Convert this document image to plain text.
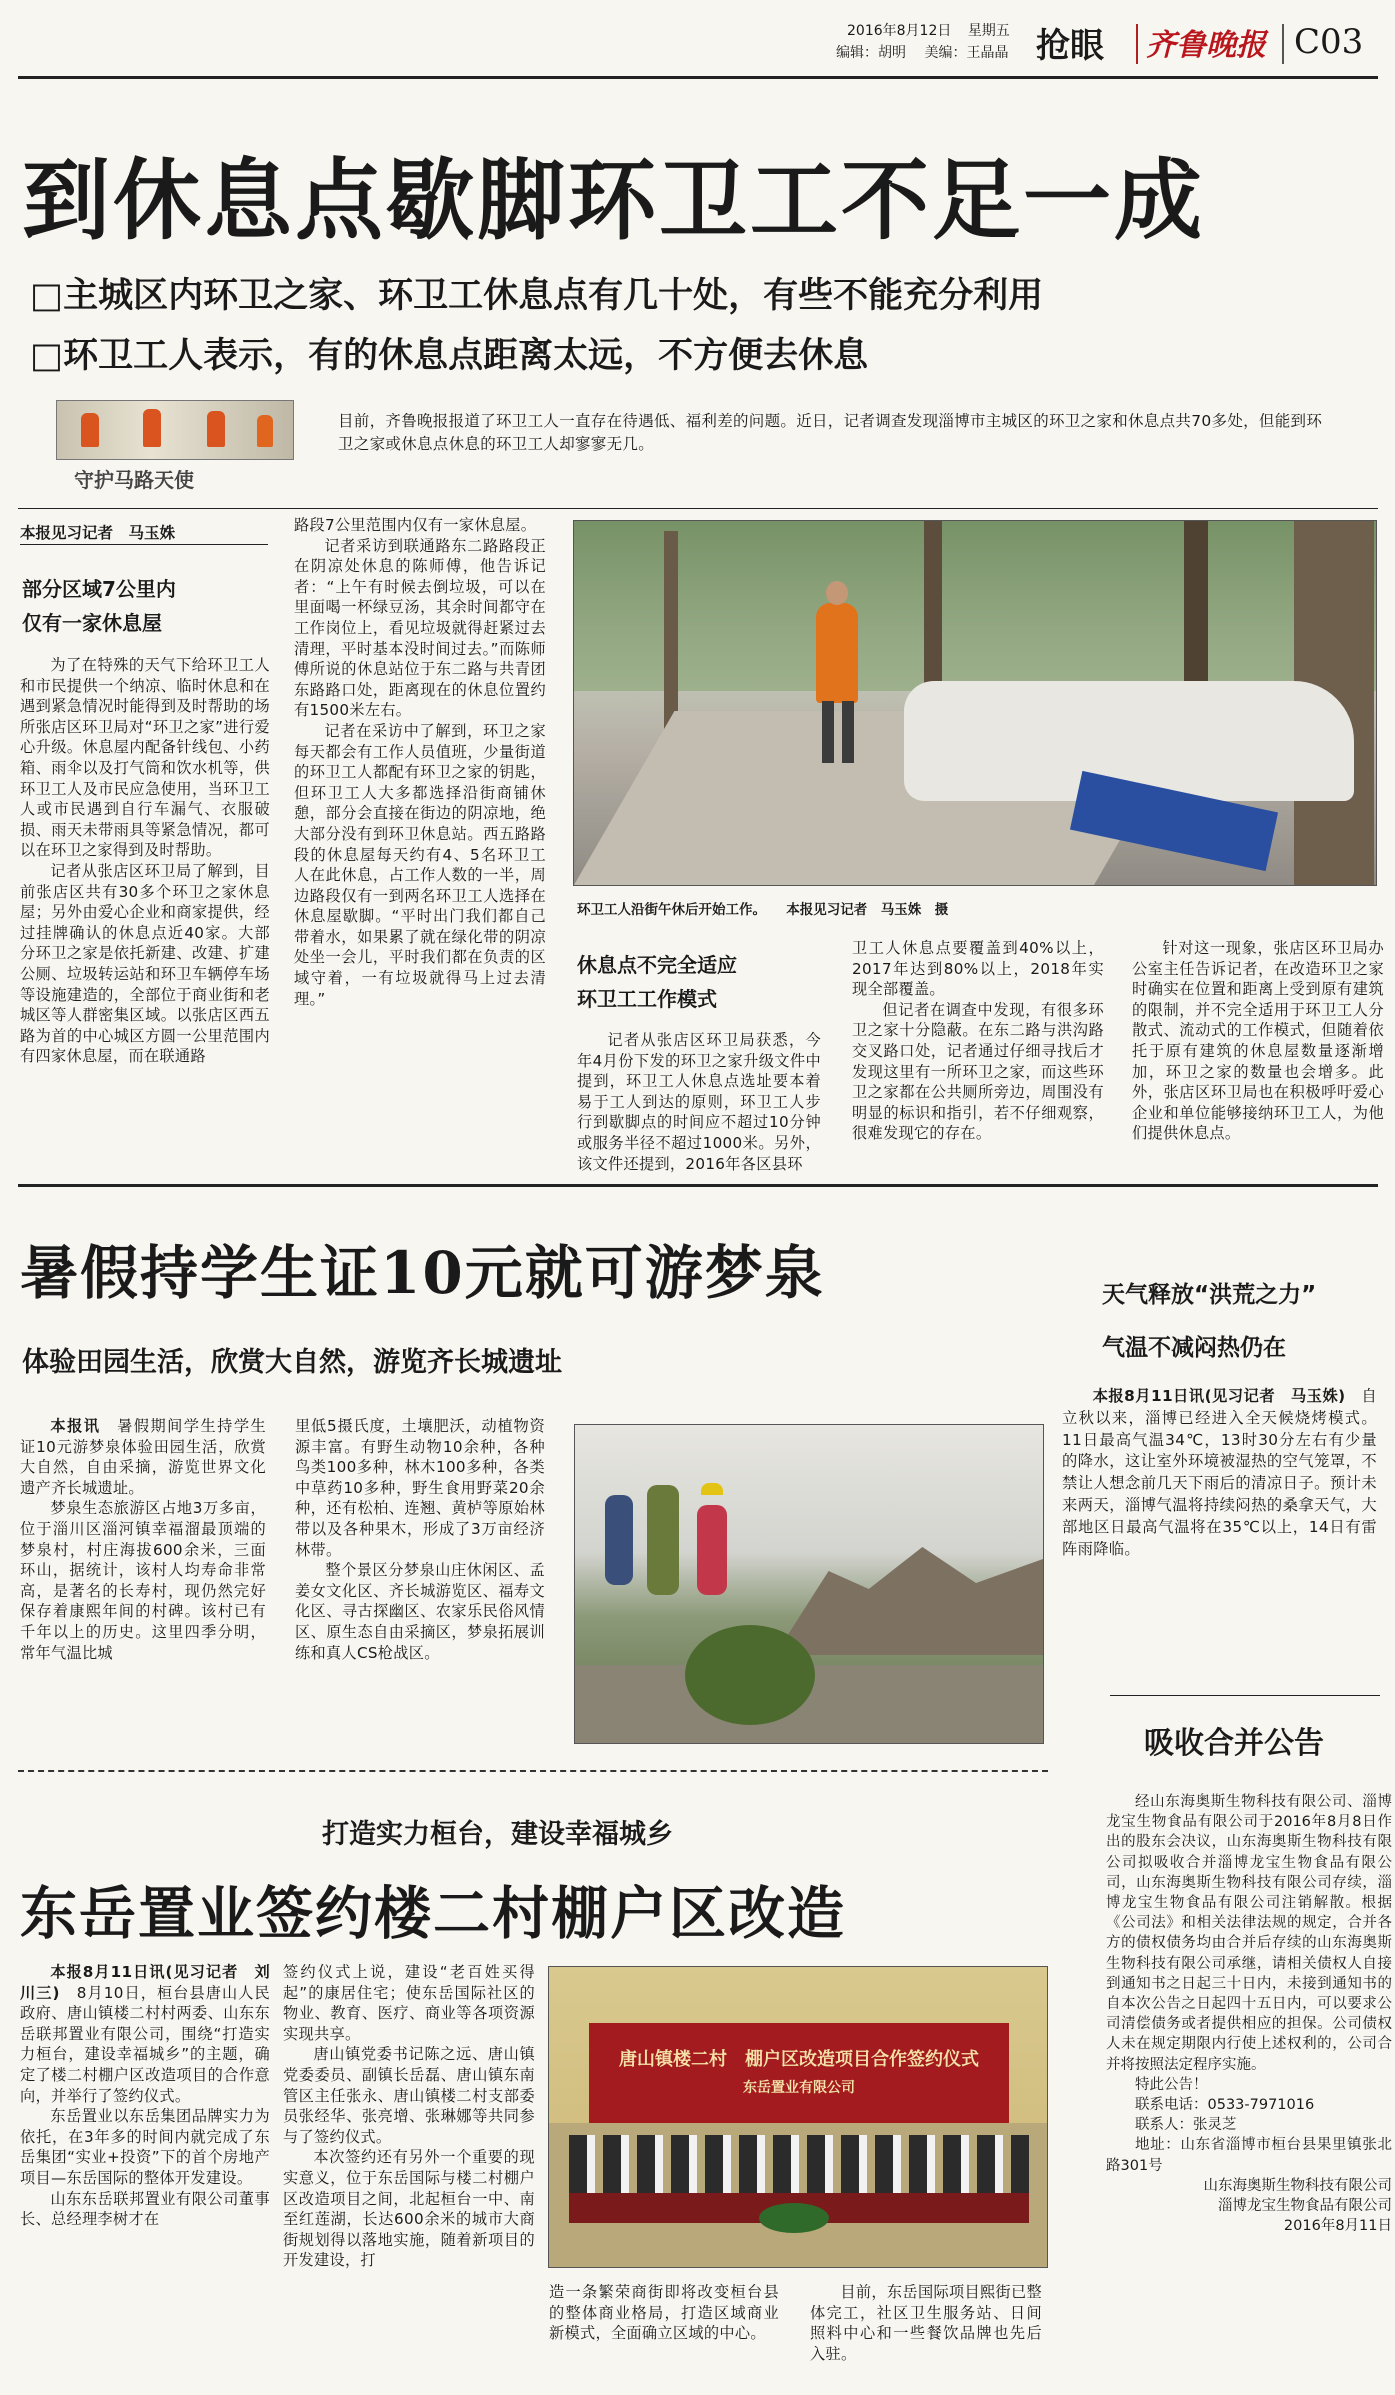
2016年8月12日 星期五
编辑：胡明 美编：王晶晶 抢眼 齐鲁晚报 C03
到休息点歇脚环卫工不足一成
□主城区内环卫之家、环卫工休息点有几十处，有些不能充分利用
□环卫工人表示，有的休息点距离太远，不方便去休息
守护马路天使
目前，齐鲁晚报报道了环卫工人一直存在待遇低、福利差的问题。近日，记者调查发现淄博市主城区的环卫之家和休息点共70多处，但能到环卫之家或休息点休息的环卫工人却寥寥无几。
本报见习记者　马玉姝
部分区域7公里内
仅有一家休息屋

为了在特殊的天气下给环卫工人和市民提供一个纳凉、临时休息和在遇到紧急情况时能得到及时帮助的场所张店区环卫局对“环卫之家”进行爱心升级。休息屋内配备针线包、小药箱、雨伞以及打气筒和饮水机等，供环卫工人及市民应急使用，当环卫工人或市民遇到自行车漏气、衣服破损、雨天未带雨具等紧急情况，都可以在环卫之家得到及时帮助。

记者从张店区环卫局了解到，目前张店区共有30多个环卫之家休息屋；另外由爱心企业和商家提供，经过挂牌确认的休息点近40家。大部分环卫之家是依托新建、改建、扩建公厕、垃圾转运站和环卫车辆停车场等设施建造的，全部位于商业街和老城区等人群密集区域。以张店区西五路为首的中心城区方圆一公里范围内有四家休息屋，而在联通路

路段7公里范围内仅有一家休息屋。

记者采访到联通路东二路路段正在阴凉处休息的陈师傅，他告诉记者：“上午有时候去倒垃圾，可以在里面喝一杯绿豆汤，其余时间都守在工作岗位上，看见垃圾就得赶紧过去清理，平时基本没时间过去。”而陈师傅所说的休息站位于东二路与共青团东路路口处，距离现在的休息位置约有1500米左右。

记者在采访中了解到，环卫之家每天都会有工作人员值班，少量街道的环卫工人都配有环卫之家的钥匙，但环卫工人大多都选择沿街商铺休憩，部分会直接在街边的阴凉地，绝大部分没有到环卫休息站。西五路路段的休息屋每天约有4、5名环卫工人在此休息，占工作人数的一半，周边路段仅有一到两名环卫工人选择在休息屋歇脚。“平时出门我们都自己带着水，如果累了就在绿化带的阴凉处坐一会儿，平时我们都在负责的区域守着，一有垃圾就得马上过去清理。”

环卫工人沿街午休后开始工作。　　本报见习记者　马玉姝　摄
休息点不完全适应
环卫工工作模式

记者从张店区环卫局获悉，今年4月份下发的环卫之家升级文件中提到，环卫工人休息点选址要本着易于工人到达的原则，环卫工人步行到歇脚点的时间应不超过10分钟或服务半径不超过1000米。另外，该文件还提到，2016年各区县环

卫工人休息点要覆盖到40%以上，2017年达到80%以上，2018年实现全部覆盖。

但记者在调查中发现，有很多环卫之家十分隐蔽。在东二路与洪沟路交叉路口处，记者通过仔细寻找后才发现这里有一所环卫之家，而这些环卫之家都在公共厕所旁边，周围没有明显的标识和指引，若不仔细观察，很难发现它的存在。

针对这一现象，张店区环卫局办公室主任告诉记者，在改造环卫之家时确实在位置和距离上受到原有建筑的限制，并不完全适用于环卫工人分散式、流动式的工作模式，但随着依托于原有建筑的休息屋数量逐渐增加，环卫之家的数量也会增多。此外，张店区环卫局也在积极呼吁爱心企业和单位能够接纳环卫工人，为他们提供休息点。

暑假持学生证10元就可游梦泉
体验田园生活，欣赏大自然，游览齐长城遗址

本报讯　 暑假期间学生持学生证10元游梦泉体验田园生活，欣赏大自然，自由采摘，游览世界文化遗产齐长城遗址。

梦泉生态旅游区占地3万多亩，位于淄川区淄河镇幸福溜最顶端的梦泉村，村庄海拔600余米，三面环山，据统计，该村人均寿命非常高，是著名的长寿村，现仍然完好保存着康熙年间的村碑。该村已有千年以上的历史。这里四季分明，常年气温比城

里低5摄氏度，土壤肥沃，动植物资源丰富。有野生动物10余种，各种鸟类100多种，林木100多种，各类中草药10多种，野生食用野菜20余种，还有松柏、连翘、黄栌等原始林带以及各种果木，形成了3万亩经济林带。

整个景区分梦泉山庄休闲区、孟姜女文化区、齐长城游览区、福寿文化区、寻古探幽区、农家乐民俗风情区、原生态自由采摘区，梦泉拓展训练和真人CS枪战区。

天气释放“洪荒之力”
气温不减闷热仍在

本报8月11日讯(见习记者　马玉姝)　 自立秋以来，淄博已经进入全天候烧烤模式。11日最高气温34℃，13时30分左右有少量的降水，这让室外环境被湿热的空气笼罩，不禁让人想念前几天下雨后的清凉日子。预计未来两天，淄博气温将持续闷热的桑拿天气，大部地区日最高气温将在35℃以上，14日有雷阵雨降临。

打造实力桓台，建设幸福城乡
东岳置业签约楼二村棚户区改造

本报8月11日讯(见习记者　刘川三)　 8月10日，桓台县唐山人民政府、唐山镇楼二村村两委、山东东岳联邦置业有限公司，围绕“打造实力桓台，建设幸福城乡”的主题，确定了楼二村棚户区改造项目的合作意向，并举行了签约仪式。

东岳置业以东岳集团品牌实力为依托，在3年多的时间内就完成了东岳集团“实业+投资”下的首个房地产项目—东岳国际的整体开发建设。

山东东岳联邦置业有限公司董事长、总经理李树才在

签约仪式上说，建设“老百姓买得起”的康居住宅；使东岳国际社区的物业、教育、医疗、商业等各项资源实现共享。

唐山镇党委书记陈之远、唐山镇党委委员、副镇长岳磊、唐山镇东南管区主任张永、唐山镇楼二村支部委员张经华、张亮增、张琳娜等共同参与了签约仪式。

本次签约还有另外一个重要的现实意义，位于东岳国际与楼二村棚户区改造项目之间，北起桓台一中、南至红莲湖，长达600余米的城市大商街规划得以落地实施，随着新项目的开发建设，打

唐山镇楼二村　棚户区改造项目合作签约仪式
东岳置业有限公司

造一条繁荣商街即将改变桓台县的整体商业格局，打造区域商业新模式，全面确立区域的中心。

目前，东岳国际项目熙街已整体完工，社区卫生服务站、日间照料中心和一些餐饮品牌也先后入驻。

吸收合并公告

经山东海奥斯生物科技有限公司、淄博龙宝生物食品有限公司于2016年8月8日作出的股东会决议，山东海奥斯生物科技有限公司拟吸收合并淄博龙宝生物食品有限公司，山东海奥斯生物科技有限公司存续，淄博龙宝生物食品有限公司注销解散。根据《公司法》和相关法律法规的规定，合并各方的债权债务均由合并后存续的山东海奥斯生物科技有限公司承继，请相关债权人自接到通知书之日起三十日内，未接到通知书的自本次公告之日起四十五日内，可以要求公司清偿债务或者提供相应的担保。公司债权人未在规定期限内行使上述权利的，公司合并将按照法定程序实施。

特此公告！

联系电话：0533-7971016

联系人：张灵芝

地址：山东省淄博市桓台县果里镇张北路301号

山东海奥斯生物科技有限公司
淄博龙宝生物食品有限公司
2016年8月11日
